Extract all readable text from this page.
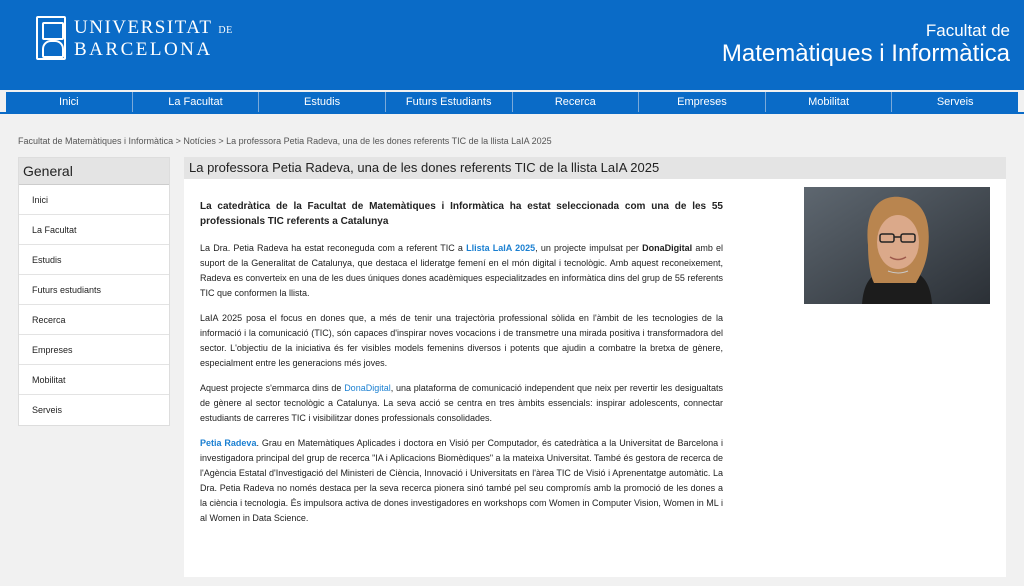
UNIVERSITAT DE
BARCELONA
Facultat de
Matemàtiques i Informàtica
Inici	La Facultat	Estudis	Futurs Estudiants	Recerca	Empreses	Mobilitat	Serveis
Facultat de Matemàtiques i Informàtica > Notícies > La professora Petia Radeva, una de les dones referents TIC de la llista LaIA 2025
General
Inici
La Facultat
Estudis
Futurs estudiants
Recerca
Empreses
Mobilitat
Serveis
La professora Petia Radeva, una de les dones referents TIC de la llista LaIA 2025
La catedràtica de la Facultat de Matemàtiques i Informàtica ha estat seleccionada com una de les 55 professionals TIC referents a Catalunya

La Dra. Petia Radeva ha estat reconeguda com a referent TIC a Llista LaIA 2025, un projecte impulsat per DonaDigital amb el suport de la Generalitat de Catalunya, que destaca el lideratge femení en el món digital i tecnològic. Amb aquest reconeixement, Radeva es converteix en una de les dues úniques dones acadèmiques especialitzades en informàtica dins del grup de 55 referents TIC que conformen la llista.

LaIA 2025 posa el focus en dones que, a més de tenir una trajectòria professional sòlida en l'àmbit de les tecnologies de la informació i la comunicació (TIC), són capaces d'inspirar noves vocacions i de transmetre una mirada positiva i transformadora del sector. L'objectiu de la iniciativa és fer visibles models femenins diversos i potents que ajudin a combatre la bretxa de gènere, especialment entre les generacions més joves.

Aquest projecte s'emmarca dins de DonaDigital, una plataforma de comunicació independent que neix per revertir les desigualtats de gènere al sector tecnològic a Catalunya. La seva acció se centra en tres àmbits essencials: inspirar adolescents, connectar estudiants de carreres TIC i visibilitzar dones professionals consolidades.

Petia Radeva. Grau en Matemàtiques Aplicades i doctora en Visió per Computador, és catedràtica a la Universitat de Barcelona i investigadora principal del grup de recerca "IA i Aplicacions Biomèdiques" a la mateixa Universitat. També és gestora de recerca de l'Agència Estatal d'Investigació del Ministeri de Ciència, Innovació i Universitats en l'àrea TIC de Visió i Aprenentatge automàtic. La Dra. Petia Radeva no només destaca per la seva recerca pionera sinó també pel seu compromís amb la promoció de les dones a la ciència i tecnologia. És impulsora activa de dones investigadores en workshops com Women in Computer Vision, Women in ML i al Women in Data Science.
